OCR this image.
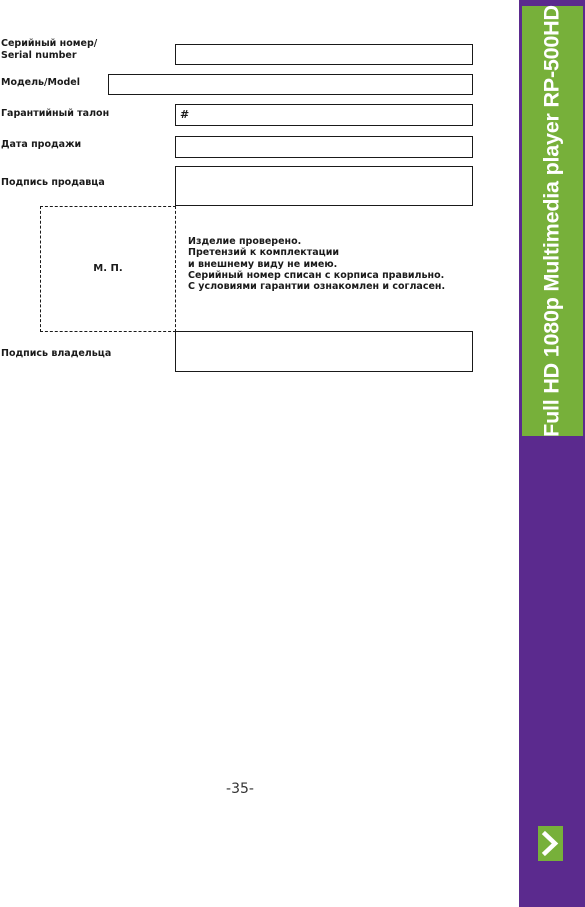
Серийный номер/
Serial number
Модель/Model
Гарантийный талон	#
Дата продажи
Подпись продавца
М. П.
Изделие проверено.
Претензий к комплектации
и внешнему виду не имею.
Серийный номер списан с корписа правильно.
С условиями гарантии ознакомлен и согласен.
Подпись владельца
-35-
Full HD 1080p Multimedia player RP-500HD
